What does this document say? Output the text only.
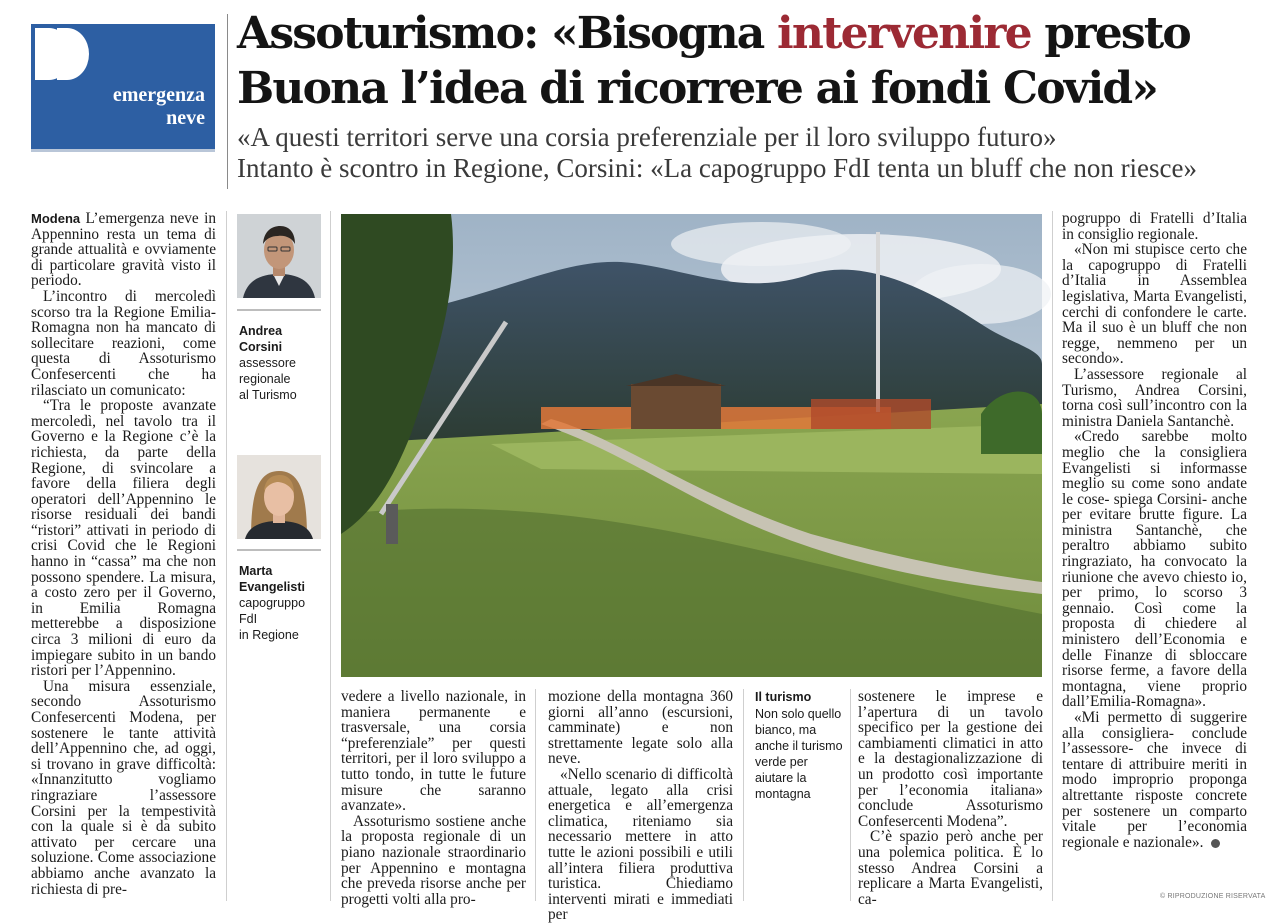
emergenza
neve
Assoturismo: «Bisogna intervenire presto
Buona l’idea di ricorrere ai fondi Covid»
«A questi territori serve una corsia preferenziale per il loro sviluppo futuro»
Intanto è scontro in Regione, Corsini: «La capogruppo FdI tenta un bluff che non riesce»

Modena L’emergenza neve in Appennino resta un tema di grande attualità e ovviamente di particolare gravità visto il periodo.

L’incontro di mercoledì scorso tra la Regione Emilia-Romagna non ha mancato di sollecitare reazioni, come questa di Assoturismo Confesercenti che ha rilasciato un comunicato:

“Tra le proposte avanzate mercoledì, nel tavolo tra il Governo e la Regione c’è la richiesta, da parte della Regione, di svincolare a favore della filiera degli operatori dell’Appennino le risorse residuali dei bandi “ristori” attivati in periodo di crisi Covid che le Regioni hanno in “cassa” ma che non possono spendere. La misura, a costo zero per il Governo, in Emilia Romagna metterebbe a disposizione circa 3 milioni di euro da impiegare subito in un bando ristori per l’Appennino.

Una misura essenziale, secondo Assoturismo Confesercenti Modena, per sostenere le tante attività dell’Appennino che, ad oggi, si trovano in grave difficoltà: «Innanzitutto vogliamo ringraziare l’assessore Corsini per la tempestività con la quale si è da subito attivato per cercare una soluzione. Come associazione abbiamo anche avanzato la richiesta di pre-

Andrea
Corsini
assessore
regionale
al Turismo
Marta
Evangelisti
capogruppo
FdI
in Regione

vedere a livello nazionale, in maniera permanente e trasversale, una corsia “preferenziale” per questi territori, per il loro sviluppo a tutto tondo, in tutte le future misure che saranno avanzate».

Assoturismo sostiene anche la proposta regionale di un piano nazionale straordinario per Appennino e montagna che preveda risorse anche per progetti volti alla pro-

mozione della montagna 360 giorni all’anno (escursioni, camminate) e non strettamente legate solo alla neve.

«Nello scenario di difficoltà attuale, legato alla crisi energetica e all’emergenza climatica, riteniamo sia necessario mettere in atto tutte le azioni possibili e utili all’intera filiera produttiva turistica. Chiediamo interventi mirati e immediati per

Il turismo
Non solo quello bianco, ma anche il turismo verde per aiutare la montagna

sostenere le imprese e l’apertura di un tavolo specifico per la gestione dei cambiamenti climatici in atto e la destagionalizzazione di un prodotto così importante per l’economia italiana» conclude Assoturismo Confesercenti Modena”.

C’è spazio però anche per una polemica politica. È lo stesso Andrea Corsini a replicare a Marta Evangelisti, ca-

pogruppo di Fratelli d’Italia in consiglio regionale.

«Non mi stupisce certo che la capogruppo di Fratelli d’Italia in Assemblea legislativa, Marta Evangelisti, cerchi di confondere le carte. Ma il suo è un bluff che non regge, nemmeno per un secondo».

L’assessore regionale al Turismo, Andrea Corsini, torna così sull’incontro con la ministra Daniela Santanchè.

«Credo sarebbe molto meglio che la consigliera Evangelisti si informasse meglio su come sono andate le cose- spiega Corsini- anche per evitare brutte figure. La ministra Santanchè, che peraltro abbiamo subito ringraziato, ha convocato la riunione che avevo chiesto io, per primo, lo scorso 3 gennaio. Così come la proposta di chiedere al ministero dell’Economia e delle Finanze di sbloccare risorse ferme, a favore della montagna, viene proprio dall’Emilia-Romagna».

«Mi permetto di suggerire alla consigliera- conclude l’assessore- che invece di tentare di attribuire meriti in modo improprio proponga altrettante risposte concrete per sostenere un comparto vitale per l’economia regionale e nazionale».

© RIPRODUZIONE RISERVATA
